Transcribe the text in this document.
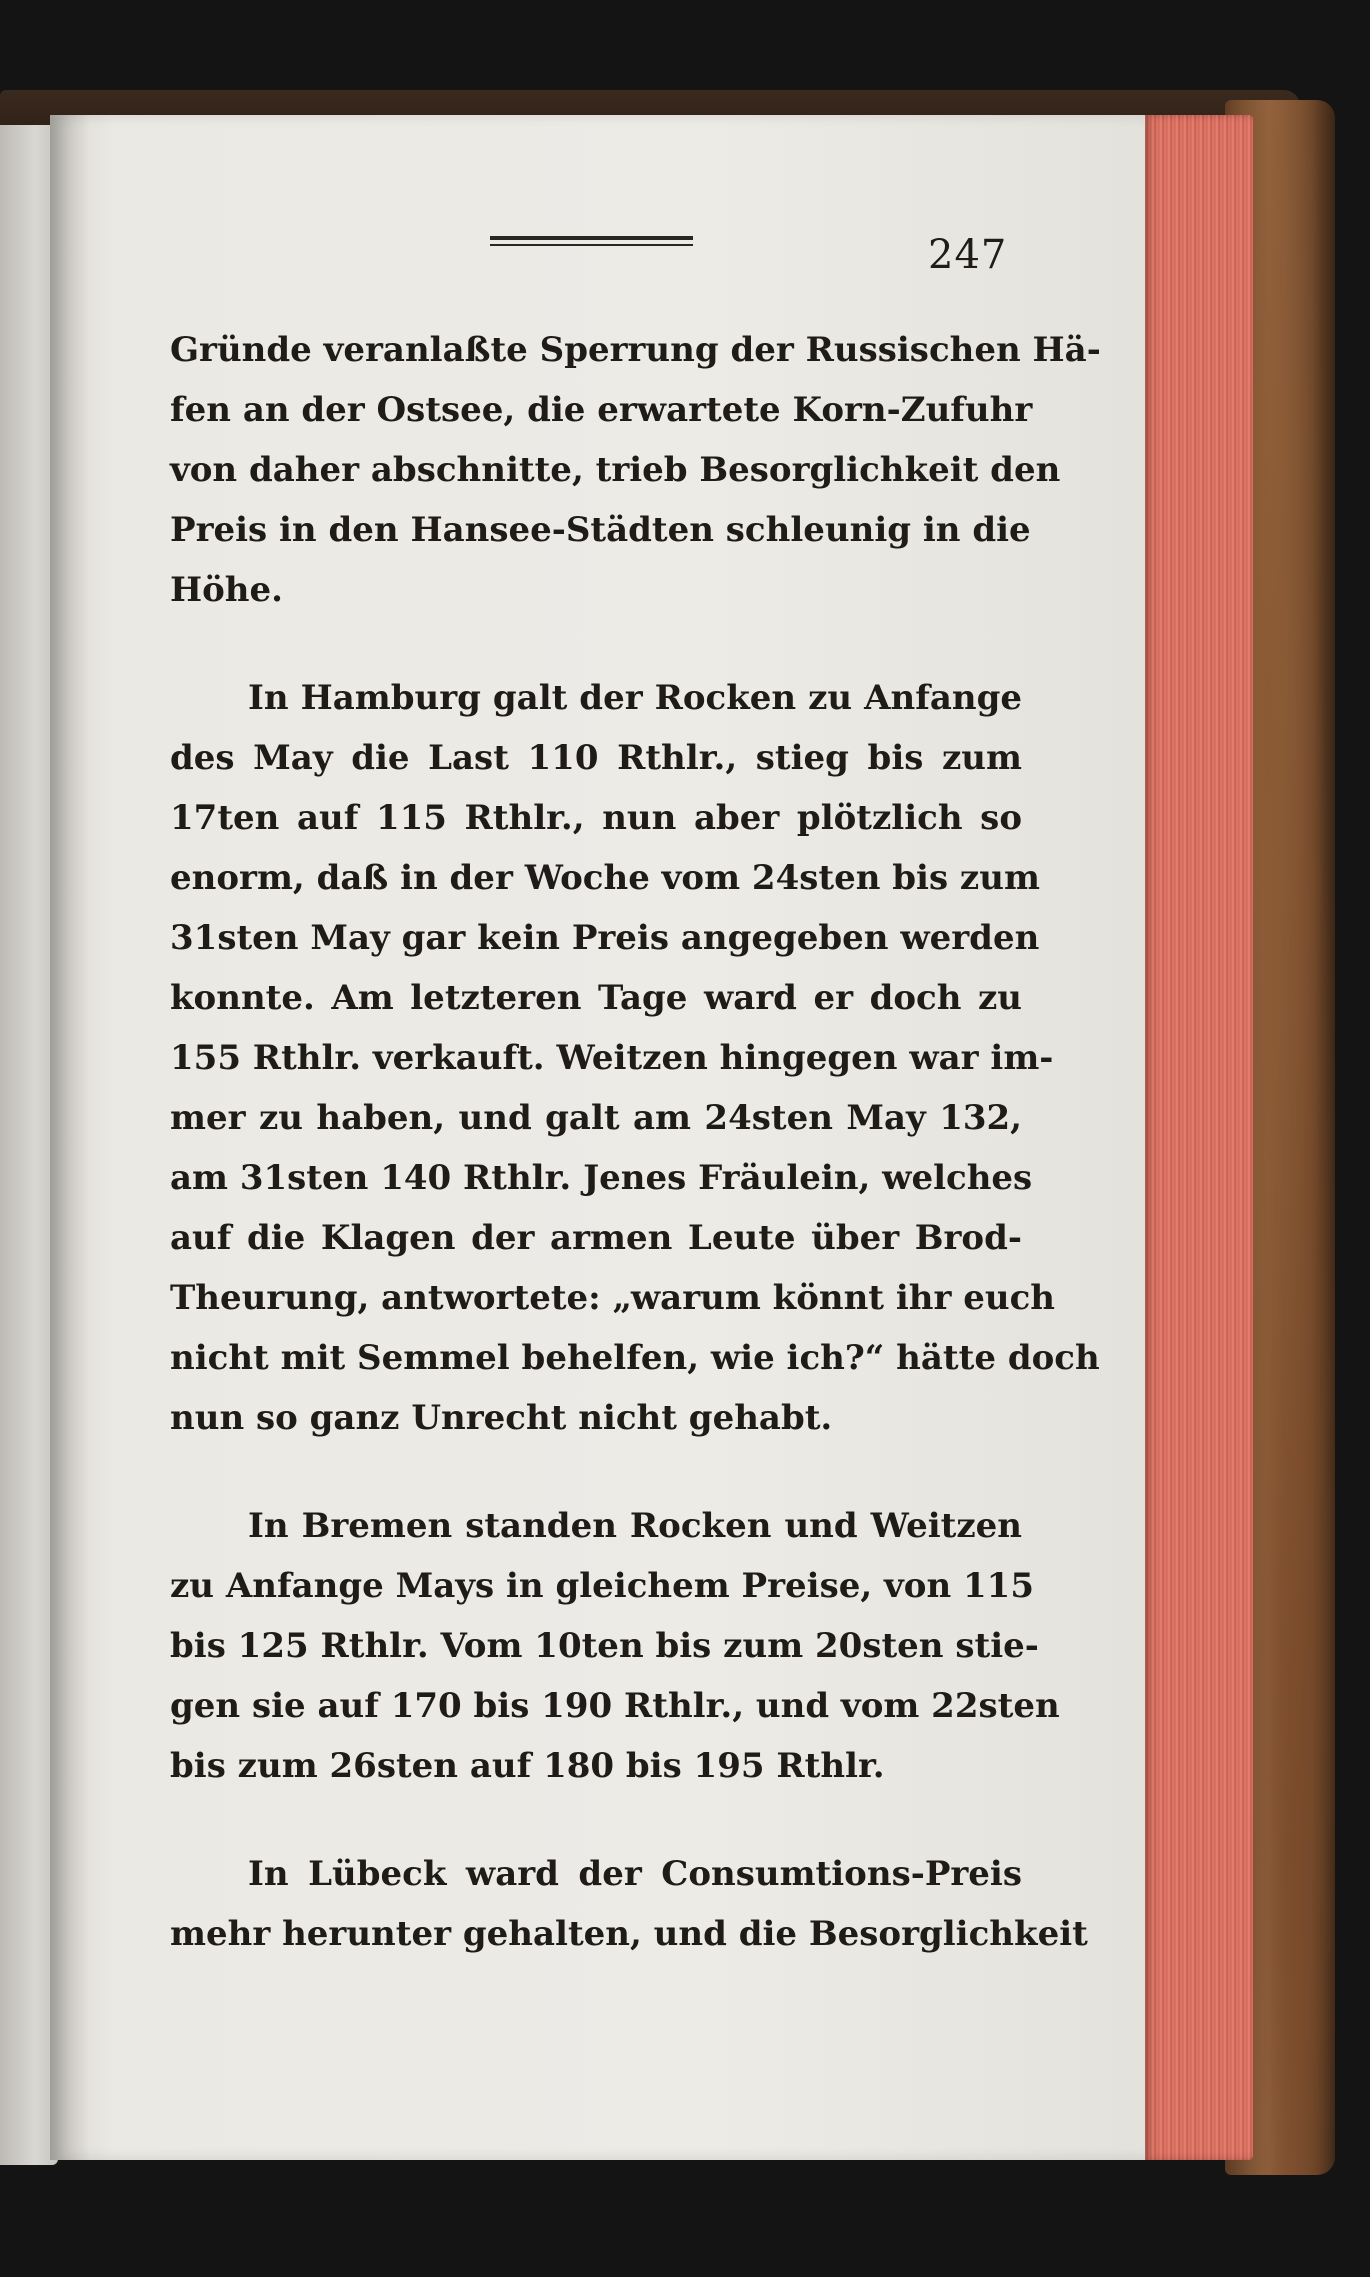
247
Gründe veranlaßte Sperrung der Russischen Hä-
fen an der Ostsee, die erwartete Korn-Zufuhr
von daher abschnitte, trieb Besorglichkeit den
Preis in den Hansee-Städten schleunig in die
Höhe.
In Hamburg galt der Rocken zu Anfange
des May die Last 110 Rthlr., stieg bis zum
17ten auf 115 Rthlr., nun aber plötzlich so
enorm, daß in der Woche vom 24sten bis zum
31sten May gar kein Preis angegeben werden
konnte. Am letzteren Tage ward er doch zu
155 Rthlr. verkauft. Weitzen hingegen war im-
mer zu haben, und galt am 24sten May 132,
am 31sten 140 Rthlr. Jenes Fräulein, welches
auf die Klagen der armen Leute über Brod-
Theurung, antwortete: „warum könnt ihr euch
nicht mit Semmel behelfen, wie ich?“ hätte doch
nun so ganz Unrecht nicht gehabt.
In Bremen standen Rocken und Weitzen
zu Anfange Mays in gleichem Preise, von 115
bis 125 Rthlr. Vom 10ten bis zum 20sten stie-
gen sie auf 170 bis 190 Rthlr., und vom 22sten
bis zum 26sten auf 180 bis 195 Rthlr.
In Lübeck ward der Consumtions-Preis
mehr herunter gehalten, und die Besorglichkeit
